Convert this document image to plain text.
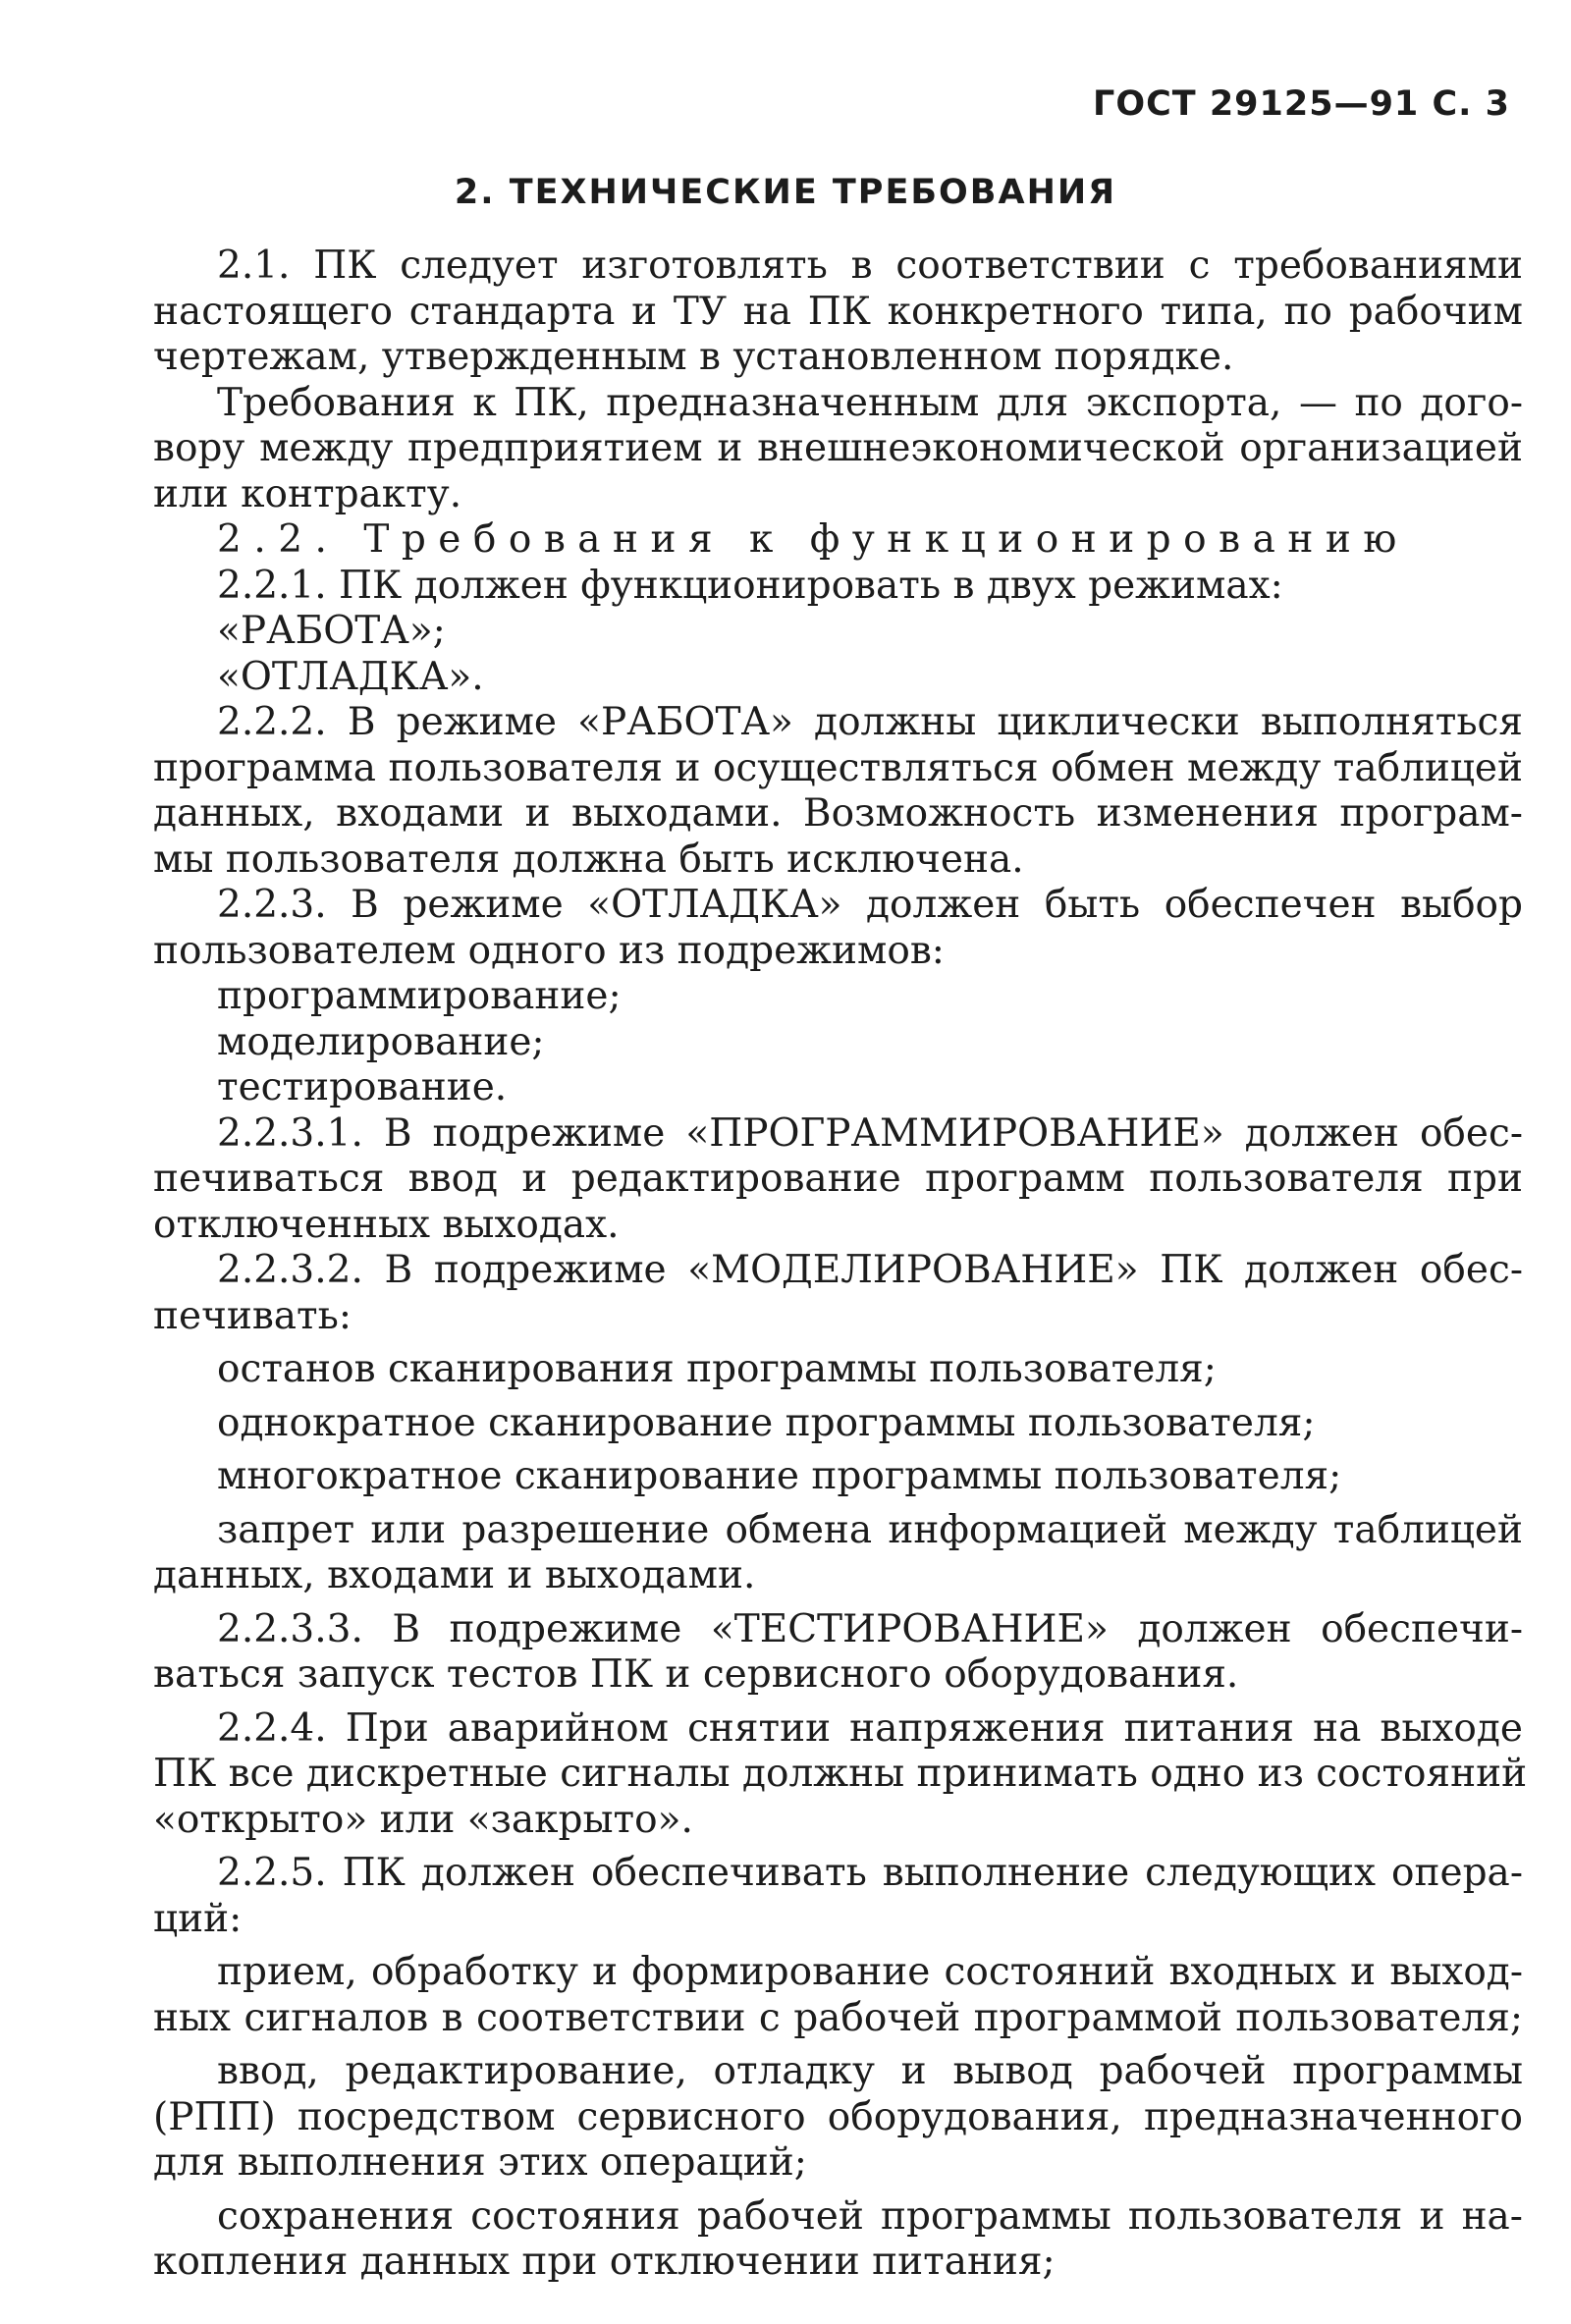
ГОСТ 29125—91 С. 3
2. ТЕХНИЧЕСКИЕ ТРЕБОВАНИЯ
2.1. ПК следует изготовлять в соответствии с требованиями
настоящего стандарта и ТУ на ПК конкретного типа, по рабочим
чертежам, утвержденным в установленном порядке.
Требования к ПК, предназначенным для экспорта, — по дого-
вору между предприятием и внешнеэкономической организацией
или контракту.
2.2. Требования к функционированию
2.2.1. ПК должен функционировать в двух режимах:
«РАБОТА»;
«ОТЛАДКА».
2.2.2. В режиме «РАБОТА» должны циклически выполняться
программа пользователя и осуществляться обмен между таблицей
данных, входами и выходами. Возможность изменения програм-
мы пользователя должна быть исключена.
2.2.3. В режиме «ОТЛАДКА» должен быть обеспечен выбор
пользователем одного из подрежимов:
программирование;
моделирование;
тестирование.
2.2.3.1. В подрежиме «ПРОГРАММИРОВАНИЕ» должен обес-
печиваться ввод и редактирование программ пользователя при
отключенных выходах.
2.2.3.2. В подрежиме «МОДЕЛИРОВАНИЕ» ПК должен обес-
печивать:
останов сканирования программы пользователя;
однократное сканирование программы пользователя;
многократное сканирование программы пользователя;
запрет или разрешение обмена информацией между таблицей
данных, входами и выходами.
2.2.3.3. В подрежиме «ТЕСТИРОВАНИЕ» должен обеспечи-
ваться запуск тестов ПК и сервисного оборудования.
2.2.4. При аварийном снятии напряжения питания на выходе
ПК все дискретные сигналы должны принимать одно из состояний
«открыто» или «закрыто».
2.2.5. ПК должен обеспечивать выполнение следующих опера-
ций:
прием, обработку и формирование состояний входных и выход-
ных сигналов в соответствии с рабочей программой пользователя;
ввод, редактирование, отладку и вывод рабочей программы
(РПП) посредством сервисного оборудования, предназначенного
для выполнения этих операций;
сохранения состояния рабочей программы пользователя и на-
копления данных при отключении питания;
